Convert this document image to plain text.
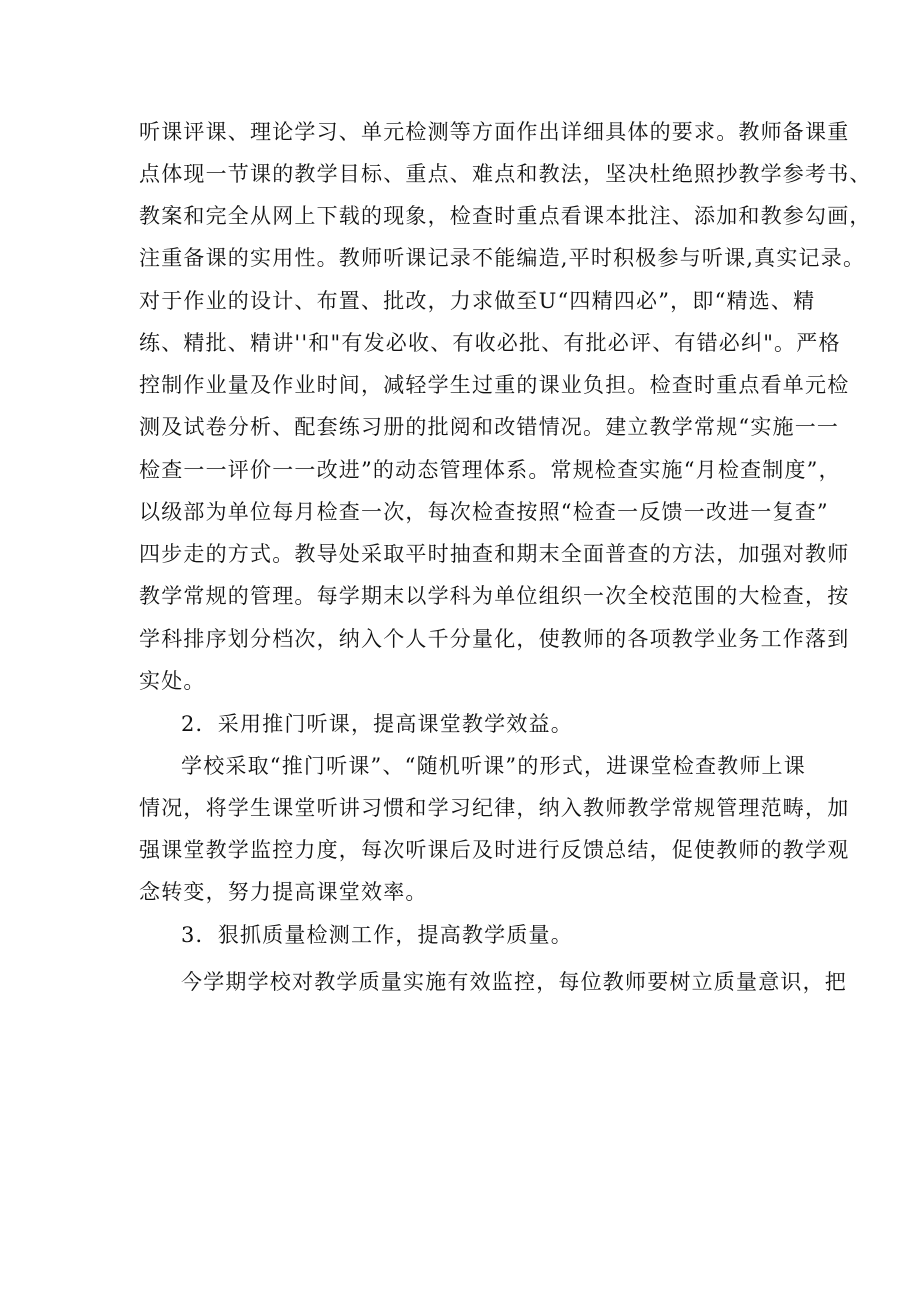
听课评课、理论学习、单元检测等方面作出详细具体的要求。教师备课重
点体现一节课的教学目标、重点、难点和教法，坚决杜绝照抄教学参考书、
教案和完全从网上下载的现象，检查时重点看课本批注、添加和教参勾画，
注重备课的实用性。教师听课记录不能编造,平时积极参与听课,真实记录。
对于作业的设计、布置、批改，力求做至U“四精四必”，即“精选、精
练、精批、精讲''和"有发必收、有收必批、有批必评、有错必纠"。严格
控制作业量及作业时间，减轻学生过重的课业负担。检查时重点看单元检
测及试卷分析、配套练习册的批阅和改错情况。建立教学常规“实施一一
检查一一评价一一改进”的动态管理体系。常规检查实施“月检查制度”，
以级部为单位每月检查一次，每次检查按照“检查一反馈一改进一复查”
四步走的方式。教导处采取平时抽查和期末全面普查的方法，加强对教师
教学常规的管理。每学期末以学科为单位组织一次全校范围的大检查，按
学科排序划分档次，纳入个人千分量化，使教师的各项教学业务工作落到
实处。
2．采用推门听课，提高课堂教学效益。
学校采取“推门听课”、“随机听课”的形式，进课堂检查教师上课
情况，将学生课堂听讲习惯和学习纪律，纳入教师教学常规管理范畴，加
强课堂教学监控力度，每次听课后及时进行反馈总结，促使教师的教学观
念转变，努力提高课堂效率。
3．狠抓质量检测工作，提高教学质量。
今学期学校对教学质量实施有效监控，每位教师要树立质量意识，把
